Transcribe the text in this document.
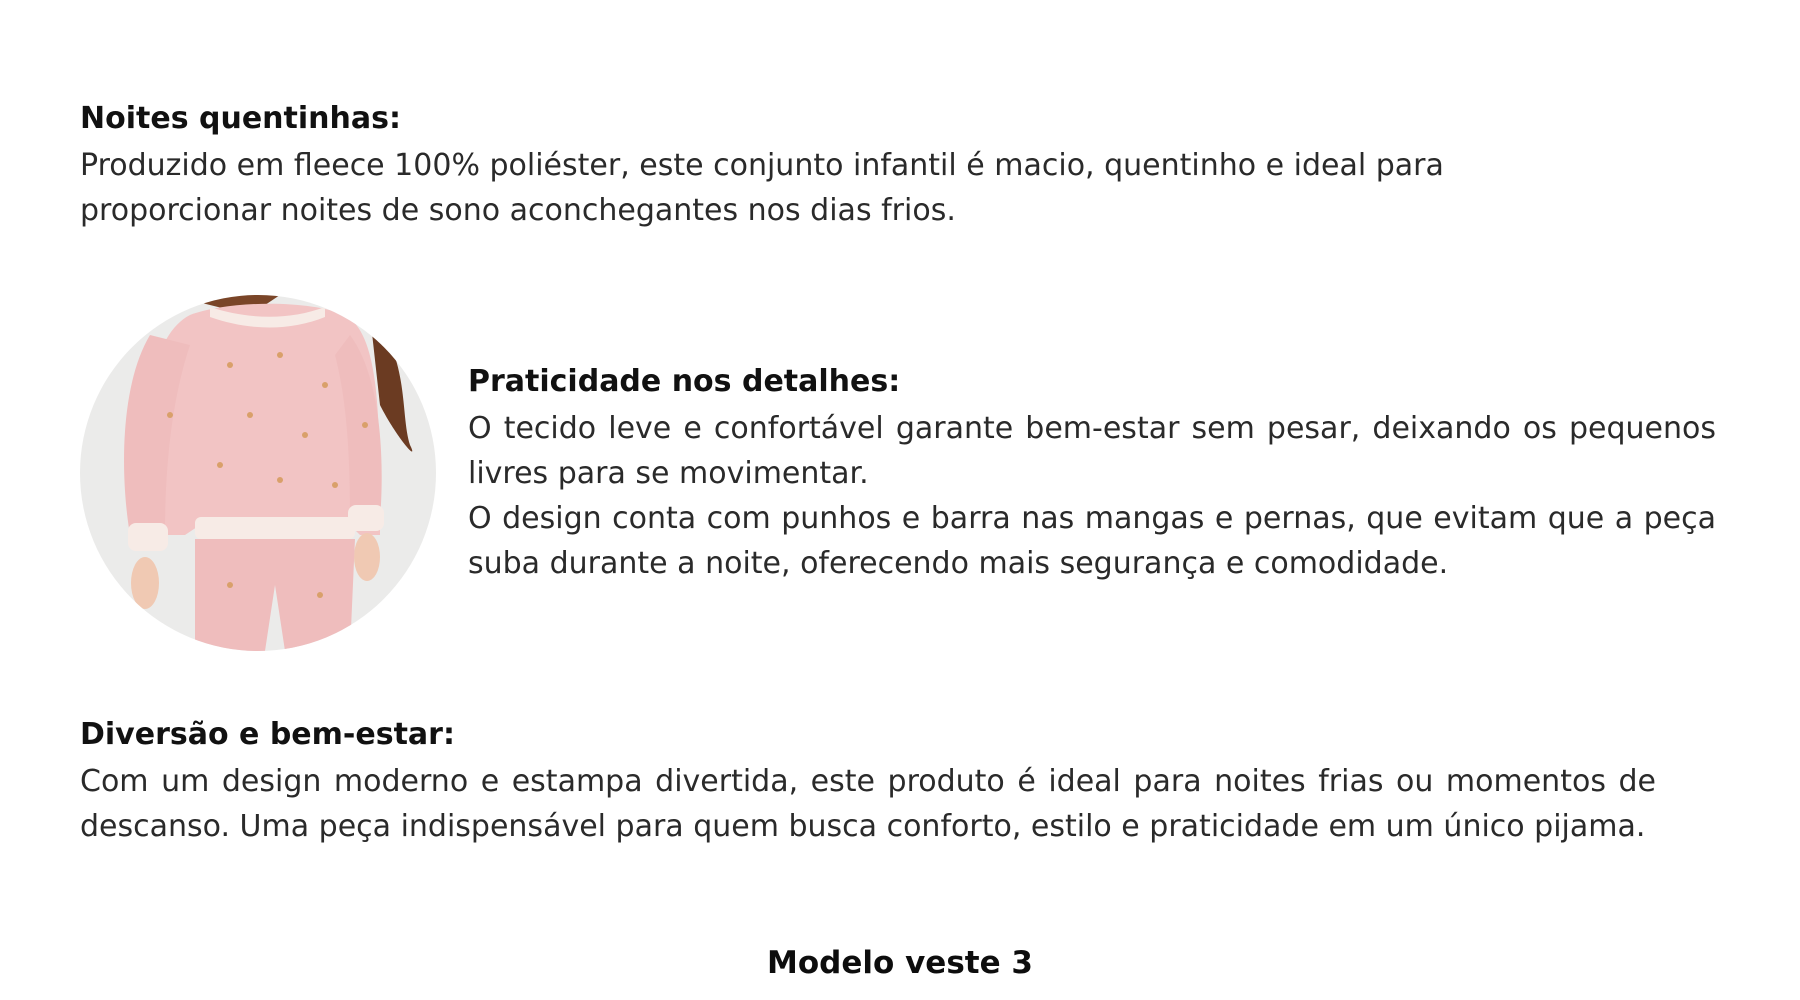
Noites quentinhas:
Produzido em fleece 100% poliéster, este conjunto infantil é macio, quentinho e ideal para proporcionar noites de sono aconchegantes nos dias frios.
Praticidade nos detalhes:
O tecido leve e confortável garante bem-estar sem pesar, deixando os pequenos livres para se movimentar.
O design conta com punhos e barra nas mangas e pernas, que evitam que a peça suba durante a noite, oferecendo mais segurança e comodidade.
Diversão e bem-estar:
Com um design moderno e estampa divertida, este produto é ideal para noites frias ou momentos de descanso. Uma peça indispensável para quem busca conforto, estilo e praticidade em um único pijama.
Modelo veste 3
